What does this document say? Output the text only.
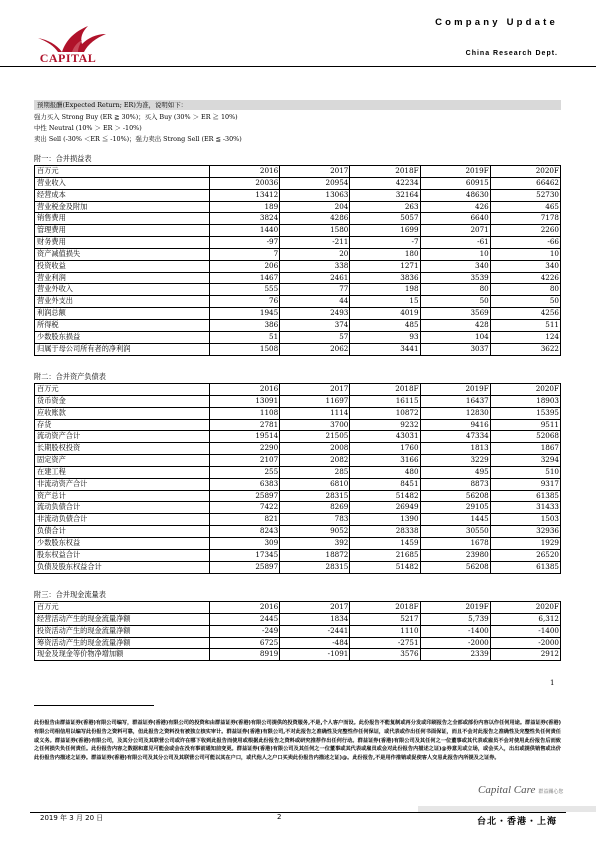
CAPITAL
Company Update
China Research Dept.
预期报酬(Expected Return; ER)为准，说明如下：
强力买入 Strong Buy (ER ≧ 30%)；买入 Buy (30% ＞ ER ≧ 10%)
中性 Neutral (10% ＞ ER ＞ -10%)
卖出 Sell (-30% ＜ER ≦ -10%)；强力卖出 Strong Sell (ER ≦ -30%)
附一：合并损益表
百万元	2016	2017	2018F	2019F	2020F
营业收入	20036	20954	42234	60915	66462
经营成本	13412	13063	32164	48630	52730
营业税金及附加	189	204	263	426	465
销售费用	3824	4286	5057	6640	7178
管理费用	1440	1580	1699	2071	2260
财务费用	-97	-211	-7	-61	-66
资产减值损失	7	20	180	10	10
投资收益	206	338	1271	340	340
营业利润	1467	2461	3836	3539	4226
营业外收入	555	77	198	80	80
营业外支出	76	44	15	50	50
利润总额	1945	2493	4019	3569	4256
所得税	386	374	485	428	511
少数股东损益	51	57	93	104	124
归属于母公司所有者的净利润	1508	2062	3441	3037	3622
附二：合并资产负债表
百万元	2016	2017	2018F	2019F	2020F
货币资金	13091	11697	16115	16437	18903
应收账款	1108	1114	10872	12830	15395
存货	2781	3700	9232	9416	9511
流动资产合计	19514	21505	43031	47334	52068
长期股权投资	2290	2008	1760	1813	1867
固定资产	2107	2082	3166	3229	3294
在建工程	255	285	480	495	510
非流动资产合计	6383	6810	8451	8873	9317
资产总计	25897	28315	51482	56208	61385
流动负债合计	7422	8269	26949	29105	31433
非流动负债合计	821	783	1390	1445	1503
负债合计	8243	9052	28338	30550	32936
少数股东权益	309	392	1459	1678	1929
股东权益合计	17345	18872	21685	23980	26520
负债及股东权益合计	25897	28315	51482	56208	61385
附三：合并现金流量表
百万元	2016	2017	2018F	2019F	2020F
经营活动产生的现金流量净额	2445	1834	5217	5,739	6,312
投资活动产生的现金流量净额	-249	-2441	1110	-1400	-1400
筹资活动产生的现金流量净额	6725	-484	-2751	-2000	-2000
现金及现金等价物净增加额	8919	-1091	3576	2339	2912
1
此份报告由群益证券(香港)有限公司编写，群益证券(香港)有限公司的投资和由群益证券(香港)有限公司提供的投资服务,不是,个人客户而设。此份报告不能复制或再分发或印刷报告之全部或部份内容以作任何用途。群益证券(香港)有限公司相信用以编写此份报告之资料可靠，但此报告之资料没有被独立核实审计。群益证券(香港)有限公司,不对此报告之准确性及完整性作任何保证，或代表或作出任何书面保证，而且不会对此报告之准确性及完整性负任何责任或义务。群益证券(香港)有限公司，及其分公司及其联营公司或许在哪下收到此报告而使用或根据此份报告之资料或研究推荐作出任何行动。群益证券(香港)有限公司及其任何之一位董事或其代表或雇员不会对使用此份报告后而致之任何损失负任何责任。此份报告内容之数据和意见可能会或会在没有事前通知前变更。群益证券(香港)有限公司及其任何之一位董事或其代表或雇员或会对此份报告内描述之证)@券意见或立场，或会买入，出出或提供销售或出价此份报告内描述之证券。群益证券(香港)有限公司及其分公司及其联营公司可能以其在户口，或代他人之户口买卖此份报告内描述之证)@。此份报告,不是用作推销或促使客人交易此报告内所提及之证券。
Capital Care 群益關心您
2019 年 3 月 20 日	2	台北・香港・上海
